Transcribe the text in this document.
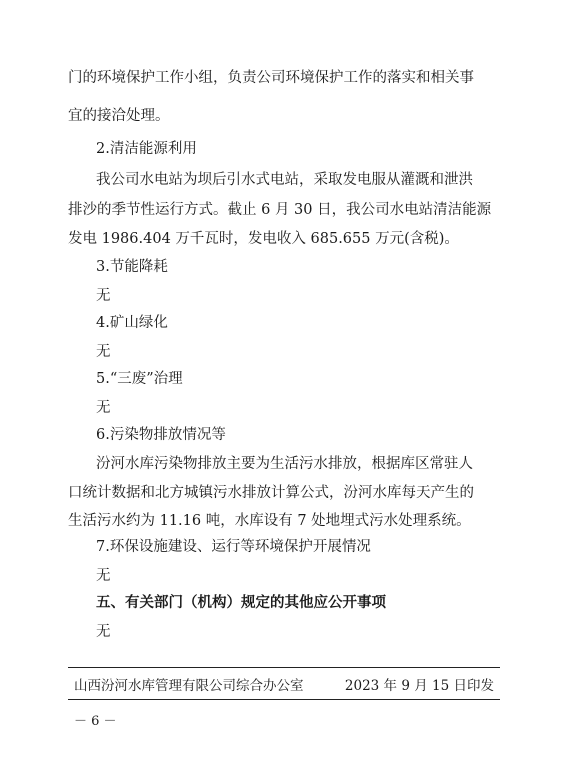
门的环境保护工作小组，负责公司环境保护工作的落实和相关事
宜的接洽处理。
2.清洁能源利用
我公司水电站为坝后引水式电站，采取发电服从灌溉和泄洪
排沙的季节性运行方式。截止 6 月 30 日，我公司水电站清洁能源
发电 1986.404 万千瓦时，发电收入 685.655 万元(含税)。
3.节能降耗
无
4.矿山绿化
无
5.“三废”治理
无
6.污染物排放情况等
汾河水库污染物排放主要为生活污水排放，根据库区常驻人
口统计数据和北方城镇污水排放计算公式，汾河水库每天产生的
生活污水约为 11.16 吨，水库设有 7 处地埋式污水处理系统。
7.环保设施建设、运行等环境保护开展情况
无
五、有关部门（机构）规定的其他应公开事项
无
山西汾河水库管理有限公司综合办公室	2023 年 9 月 15 日印发
－ 6 －
